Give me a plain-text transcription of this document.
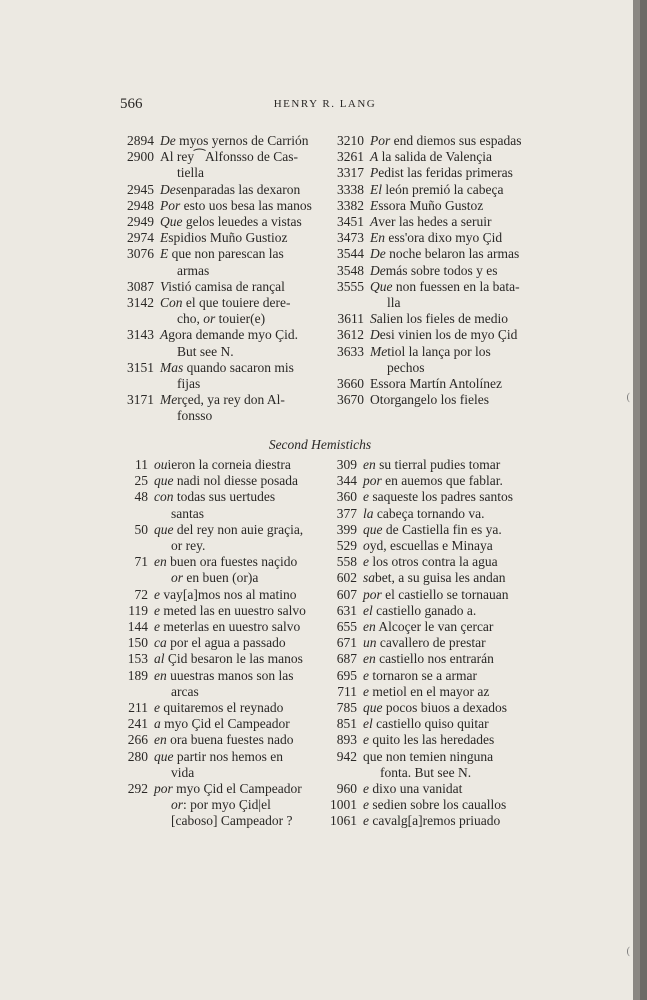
566	HENRY R. LANG
2894 De myos yernos de Carrión
2900 Al rey⁀Alfonsso de Cas-
tiella
2945 Desenparadas las dexaron
2948 Por esto uos besa las manos
2949 Que gelos leuedes a vistas
2974 Espidios Muño Gustioz
3076 E que non parescan las
armas
3087 Vistió camisa de rançal
3142 Con el que touiere dere-
cho, or touier(e)
3143 Agora demande myo Çid.
But see N.
3151 Mas quando sacaron mis
fijas
3171 Merçed, ya rey don Al-
fonsso
3210 Por end diemos sus espadas
3261 A la salida de Valençia
3317 Pedist las feridas primeras
3338 El león premió la cabeça
3382 Essora Muño Gustoz
3451 Aver las hedes a seruir
3473 En ess'ora dixo myo Çid
3544 De noche belaron las armas
3548 Demás sobre todos y es
3555 Que non fuessen en la bata-
lla
3611 Salien los fieles de medio
3612 Desi vinien los de myo Çid
3633 Metiol la lança por los
pechos
3660 Essora Martín Antolínez
3670 Otorgangelo los fieles
Second Hemistichs
11 ouieron la corneia diestra
25 que nadi nol diesse posada
48 con todas sus uertudes
santas
50 que del rey non auie graçia,
or rey.
71 en buen ora fuestes naçido
or en buen (or)a
72 e vay[a]mos nos al matino
119 e meted las en uuestro salvo
144 e meterlas en uuestro salvo
150 ca por el agua a passado
153 al Çid besaron le las manos
189 en uuestras manos son las
arcas
211 e quitaremos el reynado
241 a myo Çid el Campeador
266 en ora buena fuestes nado
280 que partir nos hemos en
vida
292 por myo Çid el Campeador
or: por myo Çid|el
[caboso] Campeador ?
309 en su tierral pudies tomar
344 por en auemos que fablar.
360 e saqueste los padres santos
377 la cabeça tornando va.
399 que de Castiella fin es ya.
529 oyd, escuellas e Minaya
558 e los otros contra la agua
602 sabet, a su guisa les andan
607 por el castiello se tornauan
631 el castiello ganado a.
655 en Alcoçer le van çercar
671 un cavallero de prestar
687 en castiello nos entrarán
695 e tornaron se a armar
711 e metiol en el mayor az
785 que pocos biuos a dexados
851 el castiello quiso quitar
893 e quito les las heredades
942 que non temien ninguna
fonta. But see N.
960 e dixo una vanidat
1001 e sedien sobre los cauallos
1061 e cavalg[a]remos priuado
(
(
